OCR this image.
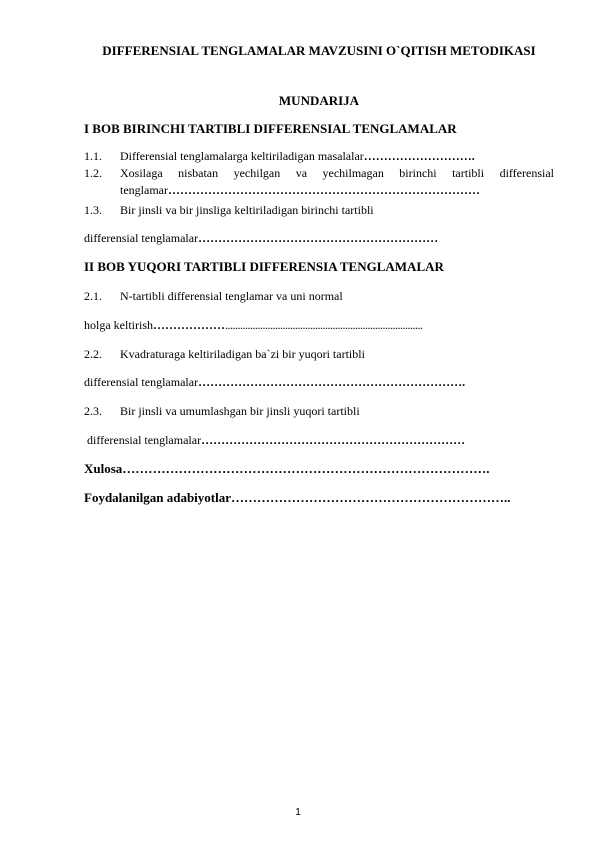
DIFFERENSIAL TENGLAMALAR MAVZUSINI O`QITISH METODIKASI
MUNDARIJA
I BOB BIRINCHI TARTIBLI DIFFERENSIAL TENGLAMALAR
1.1. Differensial tenglamalarga keltiriladigan masalalar……………………….
1.2. Xosilaga nisbatan yechilgan va yechilmagan birinchi tartibli differensial
tenglamar……………………………………………………………………
1.3. Bir jinsli va bir jinsliga keltiriladigan birinchi tartibli
differensial tenglamalar……………………………………………………
II BOB YUQORI TARTIBLI DIFFERENSIA TENGLAMALAR
2.1. N-tartibli differensial tenglamar va uni normal
holga keltirish………………...............................................................................
2.2. Kvadraturaga keltiriladigan ba`zi bir yuqori tartibli
differensial tenglamalar………………………………………………………….
2.3. Bir jinsli va umumlashgan bir jinsli yuqori tartibli
differensial tenglamalar…………………………………………………………
Xulosa………………………………………………………………………….
Foydalanilgan adabiyotlar………………………………………………………..
1
